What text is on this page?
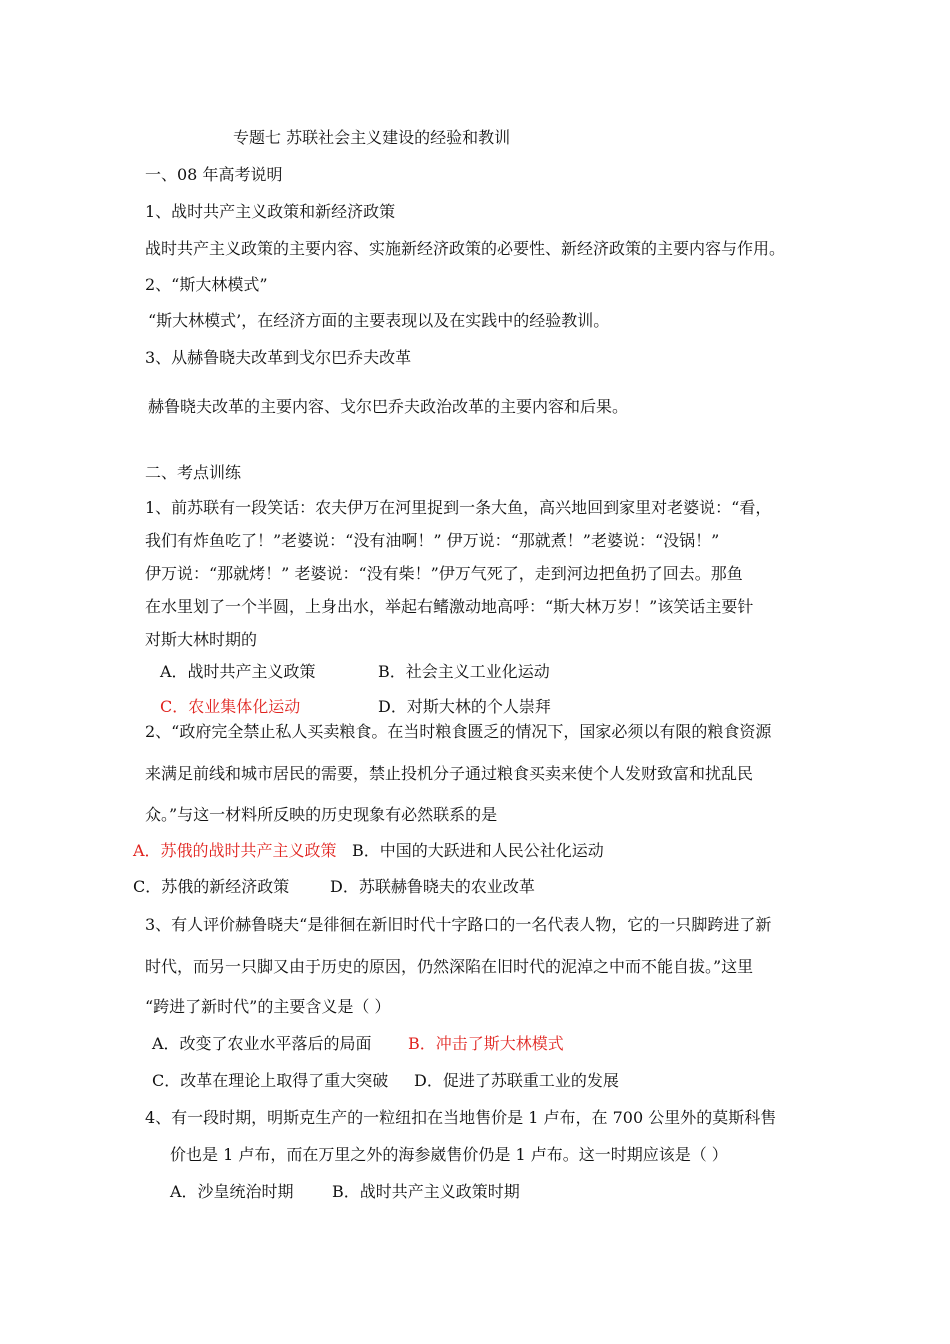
专题七 苏联社会主义建设的经验和教训
一、08 年高考说明
1、战时共产主义政策和新经济政策
战时共产主义政策的主要内容、实施新经济政策的必要性、新经济政策的主要内容与作用。
2、“斯大林模式”
“斯大林模式’，在经济方面的主要表现以及在实践中的经验教训。
3、从赫鲁晓夫改革到戈尔巴乔夫改革
赫鲁晓夫改革的主要内容、戈尔巴乔夫政治改革的主要内容和后果。
二、考点训练
1、前苏联有一段笑话：农夫伊万在河里捉到一条大鱼，高兴地回到家里对老婆说：“看，
我们有炸鱼吃了！”老婆说：“没有油啊！” 伊万说：“那就煮！”老婆说：“没锅！”
伊万说：“那就烤！” 老婆说：“没有柴！”伊万气死了，走到河边把鱼扔了回去。那鱼
在水里划了一个半圆，上身出水，举起右鳍激动地高呼：“斯大林万岁！”该笑话主要针
对斯大林时期的
A．战时共产主义政策	B．社会主义工业化运动
C．农业集体化运动	D．对斯大林的个人崇拜
2、“政府完全禁止私人买卖粮食。在当时粮食匮乏的情况下，国家必须以有限的粮食资源
来满足前线和城市居民的需要，禁止投机分子通过粮食买卖来使个人发财致富和扰乱民
众。”与这一材料所反映的历史现象有必然联系的是
A．苏俄的战时共产主义政策 B．中国的大跃进和人民公社化运动
C．苏俄的新经济政策	D．苏联赫鲁晓夫的农业改革
3、有人评价赫鲁晓夫“是徘徊在新旧时代十字路口的一名代表人物，它的一只脚跨进了新
时代，而另一只脚又由于历史的原因，仍然深陷在旧时代的泥淖之中而不能自拔。”这里
“跨进了新时代”的主要含义是（ ）
A．改变了农业水平落后的局面 B．冲击了斯大林模式
C．改革在理论上取得了重大突破 D．促进了苏联重工业的发展
4、有一段时期，明斯克生产的一粒纽扣在当地售价是 1 卢布，在 700 公里外的莫斯科售
价也是 1 卢布，而在万里之外的海参崴售价仍是 1 卢布。这一时期应该是（ ）
A．沙皇统治时期 B．战时共产主义政策时期
